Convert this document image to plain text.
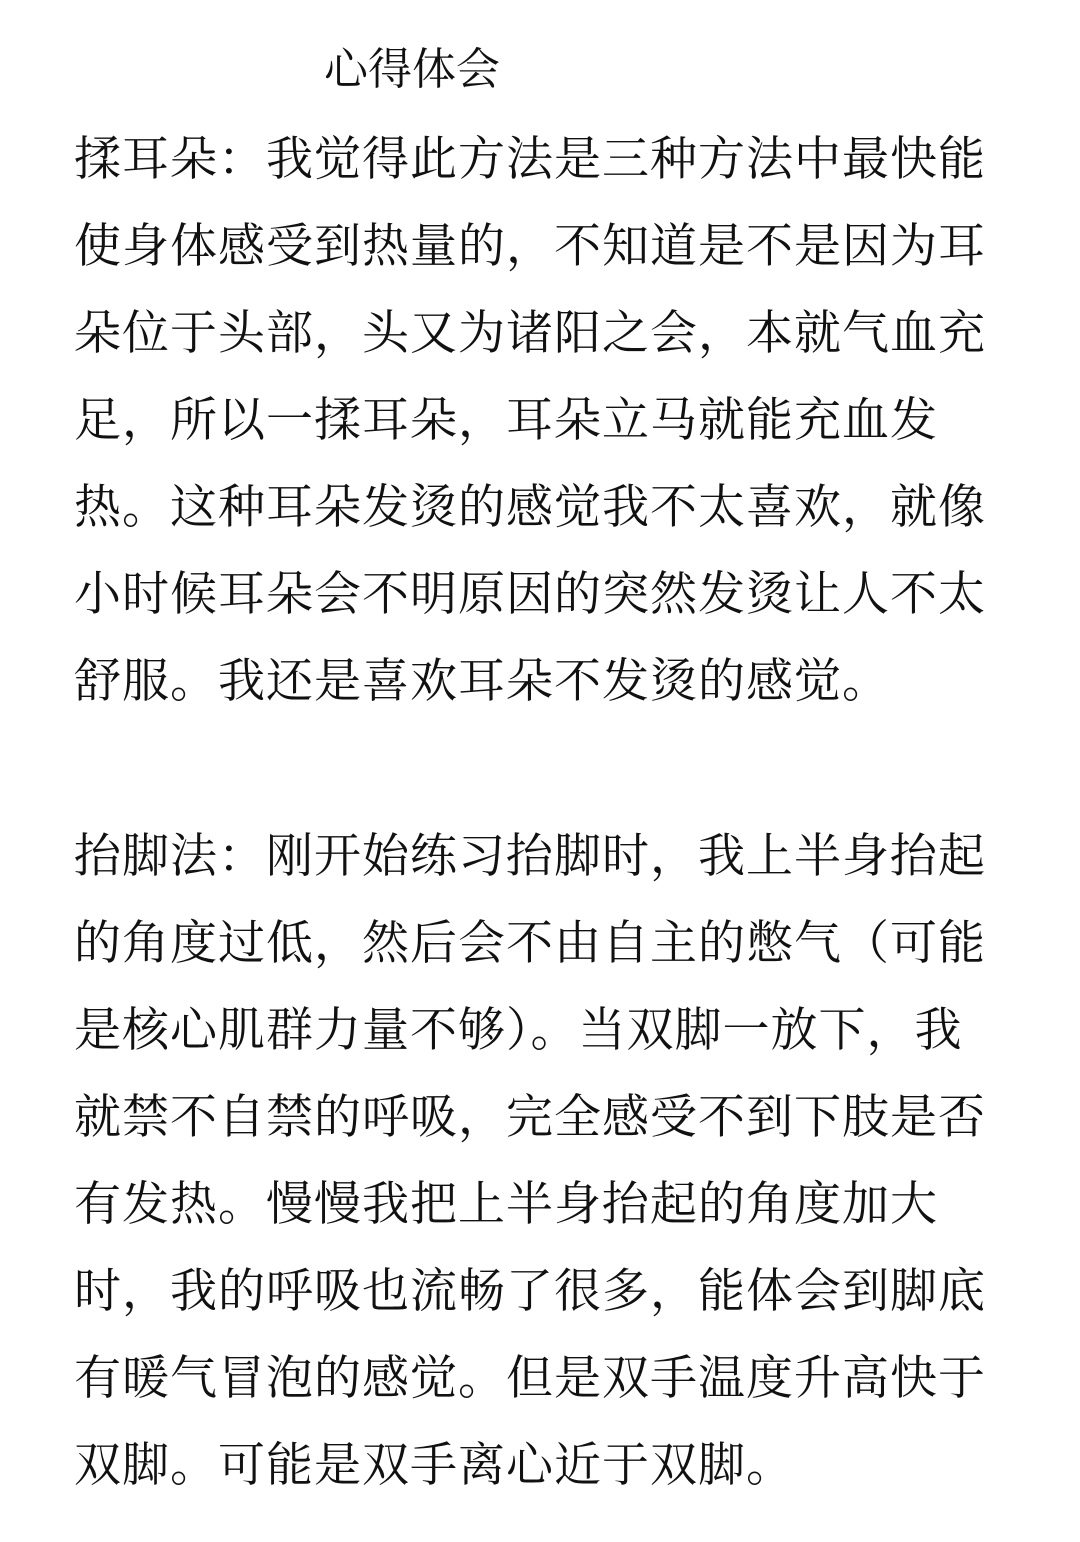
心得体会
揉耳朵：我觉得此方法是三种方法中最快能
使身体感受到热量的，不知道是不是因为耳
朵位于头部，头又为诸阳之会，本就气血充
足，所以一揉耳朵，耳朵立马就能充血发
热。这种耳朵发烫的感觉我不太喜欢，就像
小时候耳朵会不明原因的突然发烫让人不太
舒服。我还是喜欢耳朵不发烫的感觉。
抬脚法：刚开始练习抬脚时，我上半身抬起
的角度过低，然后会不由自主的憋气（可能
是核心肌群力量不够）。当双脚一放下，我
就禁不自禁的呼吸，完全感受不到下肢是否
有发热。慢慢我把上半身抬起的角度加大
时，我的呼吸也流畅了很多，能体会到脚底
有暖气冒泡的感觉。但是双手温度升高快于
双脚。可能是双手离心近于双脚。
